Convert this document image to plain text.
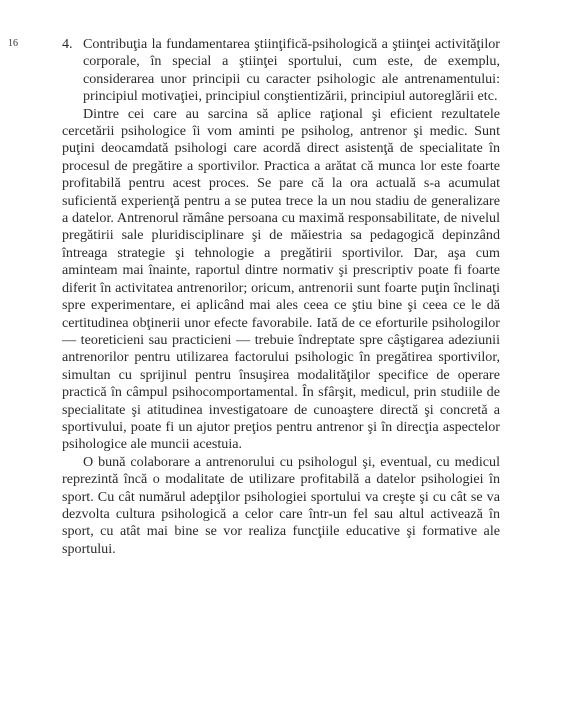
16	4. Contribuţia la fundamentarea ştiinţifică-psihologică a ştiinţei activităţilor corporale, în special a ştiinţei sportului, cum este, de exemplu, considerarea unor principii cu caracter psihologic ale antrenamentului: principiul motivaţiei, principiul conştientizării, principiul autoreglării etc.

Dintre cei care au sarcina să aplice raţional şi eficient rezultatele cercetării psihologice îi vom aminti pe psiholog, antrenor şi medic. Sunt puţini deocamdată psihologi care acordă direct asistenţă de specialitate în procesul de pregătire a sportivilor. Practica a arătat că munca lor este foarte profitabilă pentru acest proces. Se pare că la ora actuală s-a acumulat suficientă experienţă pentru a se putea trece la un nou stadiu de generalizare a datelor. Antrenorul rămâne persoana cu maximă responsabilitate, de nivelul pregătirii sale pluridisciplinare şi de măiestria sa pedagogică depinzând întreaga strategie şi tehnologie a pregătirii sportivilor. Dar, aşa cum aminteam mai înainte, raportul dintre normativ şi prescriptiv poate fi foarte diferit în activitatea antrenorilor; oricum, antrenorii sunt foarte puţin înclinaţi spre experimentare, ei aplicând mai ales ceea ce ştiu bine şi ceea ce le dă certitudinea obţinerii unor efecte favorabile. Iată de ce eforturile psihologilor — teoreticieni sau practicieni — trebuie îndreptate spre câştigarea adeziunii antrenorilor pentru utilizarea factorului psihologic în pregătirea sportivilor, simultan cu sprijinul pentru însuşirea modalităţilor specifice de operare practică în câmpul psihocomportamental. În sfârşit, medicul, prin studiile de specialitate şi atitudinea investigatoare de cunoaştere directă şi concretă a sportivului, poate fi un ajutor preţios pentru antrenor şi în direcţia aspectelor psihologice ale muncii acestuia.

O bună colaborare a antrenorului cu psihologul şi, eventual, cu medicul reprezintă încă o modalitate de utilizare profitabilă a datelor psihologiei în sport. Cu cât numărul adepţilor psihologiei sportului va creşte şi cu cât se va dezvolta cultura psihologică a celor care într-un fel sau altul activează în sport, cu atât mai bine se vor realiza funcţiile educative şi formative ale sportului.
